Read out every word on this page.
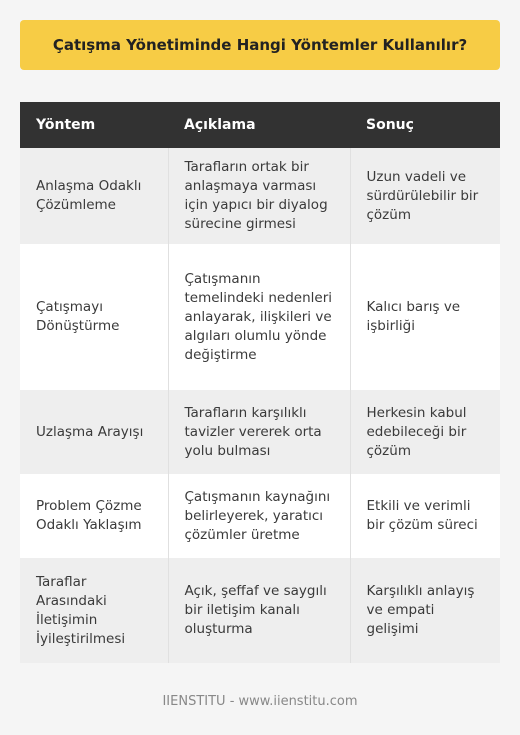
Çatışma Yönetiminde Hangi Yöntemler Kullanılır?
Yöntem	Açıklama	Sonuç
Anlaşma Odaklı Çözümleme	Tarafların ortak bir anlaşmaya varması için yapıcı bir diyalog sürecine girmesi	Uzun vadeli ve sürdürülebilir bir çözüm
Çatışmayı Dönüştürme	Çatışmanın temelindeki nedenleri anlayarak, ilişkileri ve algıları olumlu yönde değiştirme	Kalıcı barış ve işbirliği
Uzlaşma Arayışı	Tarafların karşılıklı tavizler vererek orta yolu bulması	Herkesin kabul edebileceği bir çözüm
Problem Çözme Odaklı Yaklaşım	Çatışmanın kaynağını belirleyerek, yaratıcı çözümler üretme	Etkili ve verimli bir çözüm süreci
Taraflar Arasındaki İletişimin İyileştirilmesi	Açık, şeffaf ve saygılı bir iletişim kanalı oluşturma	Karşılıklı anlayış ve empati gelişimi
IIENSTITU - www.iienstitu.com
